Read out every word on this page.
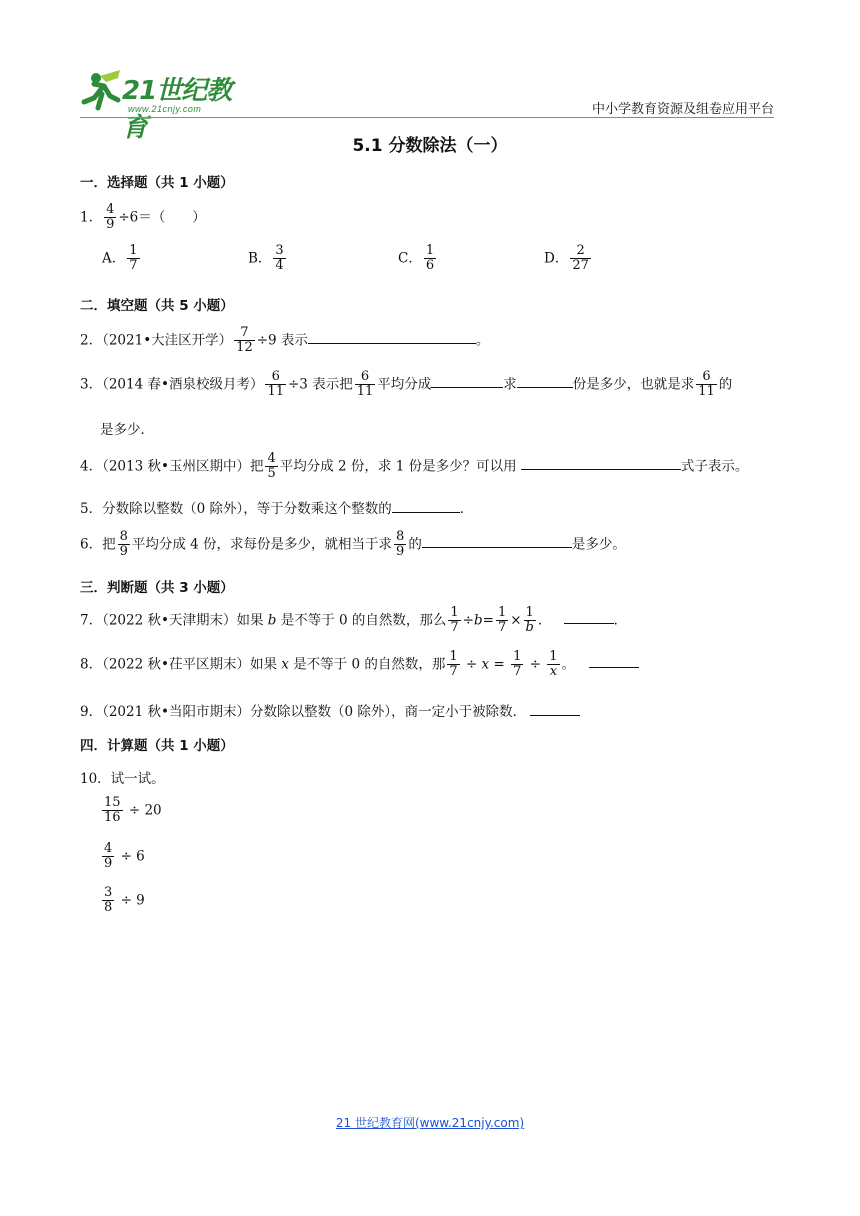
21世纪教育
www.21cnjy.com	中小学教育资源及组卷应用平台
5.1 分数除法（一）
一．选择题（共 1 小题）
1． $\frac{4}{9} \div 6=$（　　）
A． $\frac{1}{7}$	B． $\frac{3}{4}$	C． $\frac{1}{6}$	D． $\frac{2}{27}$
二．填空题（共 5 小题）
2．（2021•大洼区开学） $\frac{7}{12} \div 9$ 表示	。
3．（2014 春•酒泉校级月考） $\frac{6}{11} \div 3$ 表示把 $\frac{6}{11}$ 平均分成	求	份是多少，也就是求 $\frac{6}{11}$ 的
是多少．
4．（2013 秋•玉州区期中）把 $\frac{4}{5}$ 平均分成 2 份，求 1 份是多少？可以用	式子表示。
5．分数除以整数（0 除外），等于分数乘这个整数的	．
6．把 $\frac{8}{9}$ 平均分成 4 份，求每份是多少，就相当于求 $\frac{8}{9}$ 的	是多少。
三．判断题（共 3 小题）
7．（2022 秋•天津期末）如果 b 是不等于 0 的自然数，那么 $\frac{1}{7} \div b= \frac{1}{7} \times \frac{1}{b}$ ．	．
8．（2022 秋•茌平区期末）如果 x 是不等于 0 的自然数，那 $\frac{1}{7} \div x = \frac{1}{7} \div \frac{1}{x}$ 。
9．（2021 秋•当阳市期末）分数除以整数（0 除外），商一定小于被除数．
四．计算题（共 1 小题）
10．试一试。
$\frac{15}{16} \div 20$
$\frac{4}{9} \div 6$
$\frac{3}{8} \div 9$
21 世纪教育网(www.21cnjy.com)
